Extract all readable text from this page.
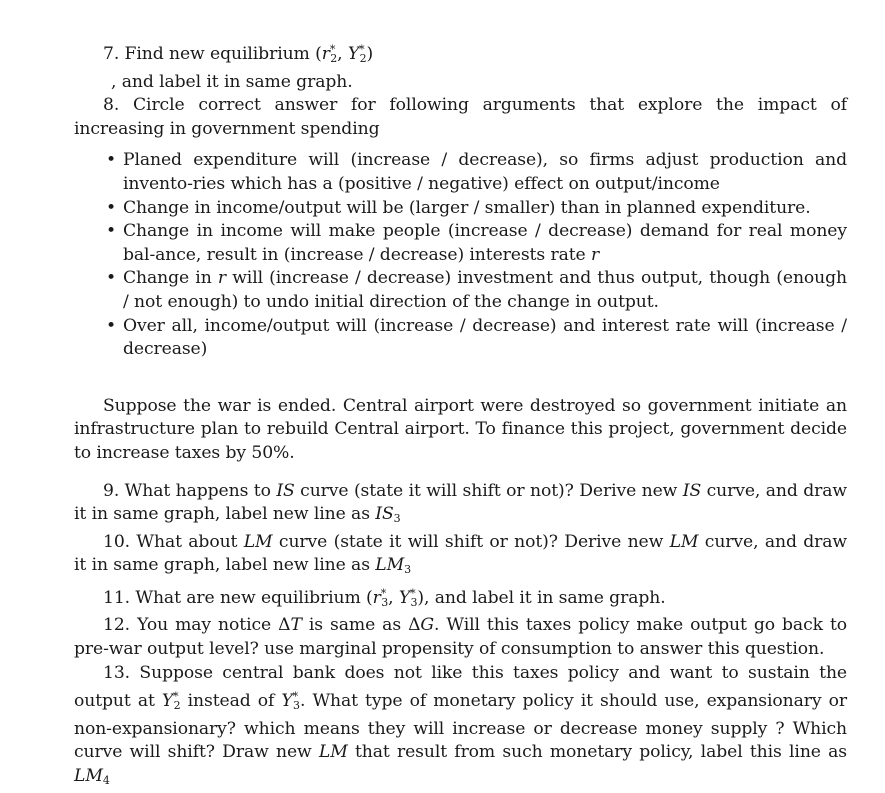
7. Find new equilibrium ($r^*_2$, $Y^*_2$)

, and label it in same graph.

8. Circle correct answer for following arguments that explore the impact of increasing in government spending

• Planed expenditure will (increase / decrease), so firms adjust production and invento-ries which has a (positive / negative) effect on output/income
• Change in income/output will be (larger / smaller) than in planned expenditure.
• Change in income will make people (increase / decrease) demand for real money bal-ance, result in (increase / decrease) interests rate r
• Change in r will (increase / decrease) investment and thus output, though (enough / not enough) to undo initial direction of the change in output.
• Over all, income/output will (increase / decrease) and interest rate will (increase / decrease)

Suppose the war is ended. Central airport were destroyed so government initiate an infrastructure plan to rebuild Central airport. To finance this project, government decide to increase taxes by 50%.

9. What happens to IS curve (state it will shift or not)? Derive new IS curve, and draw it in same graph, label new line as $IS_3$

10. What about LM curve (state it will shift or not)? Derive new LM curve, and draw it in same graph, label new line as $LM_3$

11. What are new equilibrium ($r^*_3$, $Y^*_3$), and label it in same graph.

12. You may notice ΔT is same as ΔG. Will this taxes policy make output go back to pre-war output level? use marginal propensity of consumption to answer this question.

13. Suppose central bank does not like this taxes policy and want to sustain the output at $Y^*_2$ instead of $Y^*_3$. What type of monetary policy it should use, expansionary or non-expansionary? which means they will increase or decrease money supply ? Which curve will shift? Draw new LM that result from such monetary policy, label this line as $LM_4$
